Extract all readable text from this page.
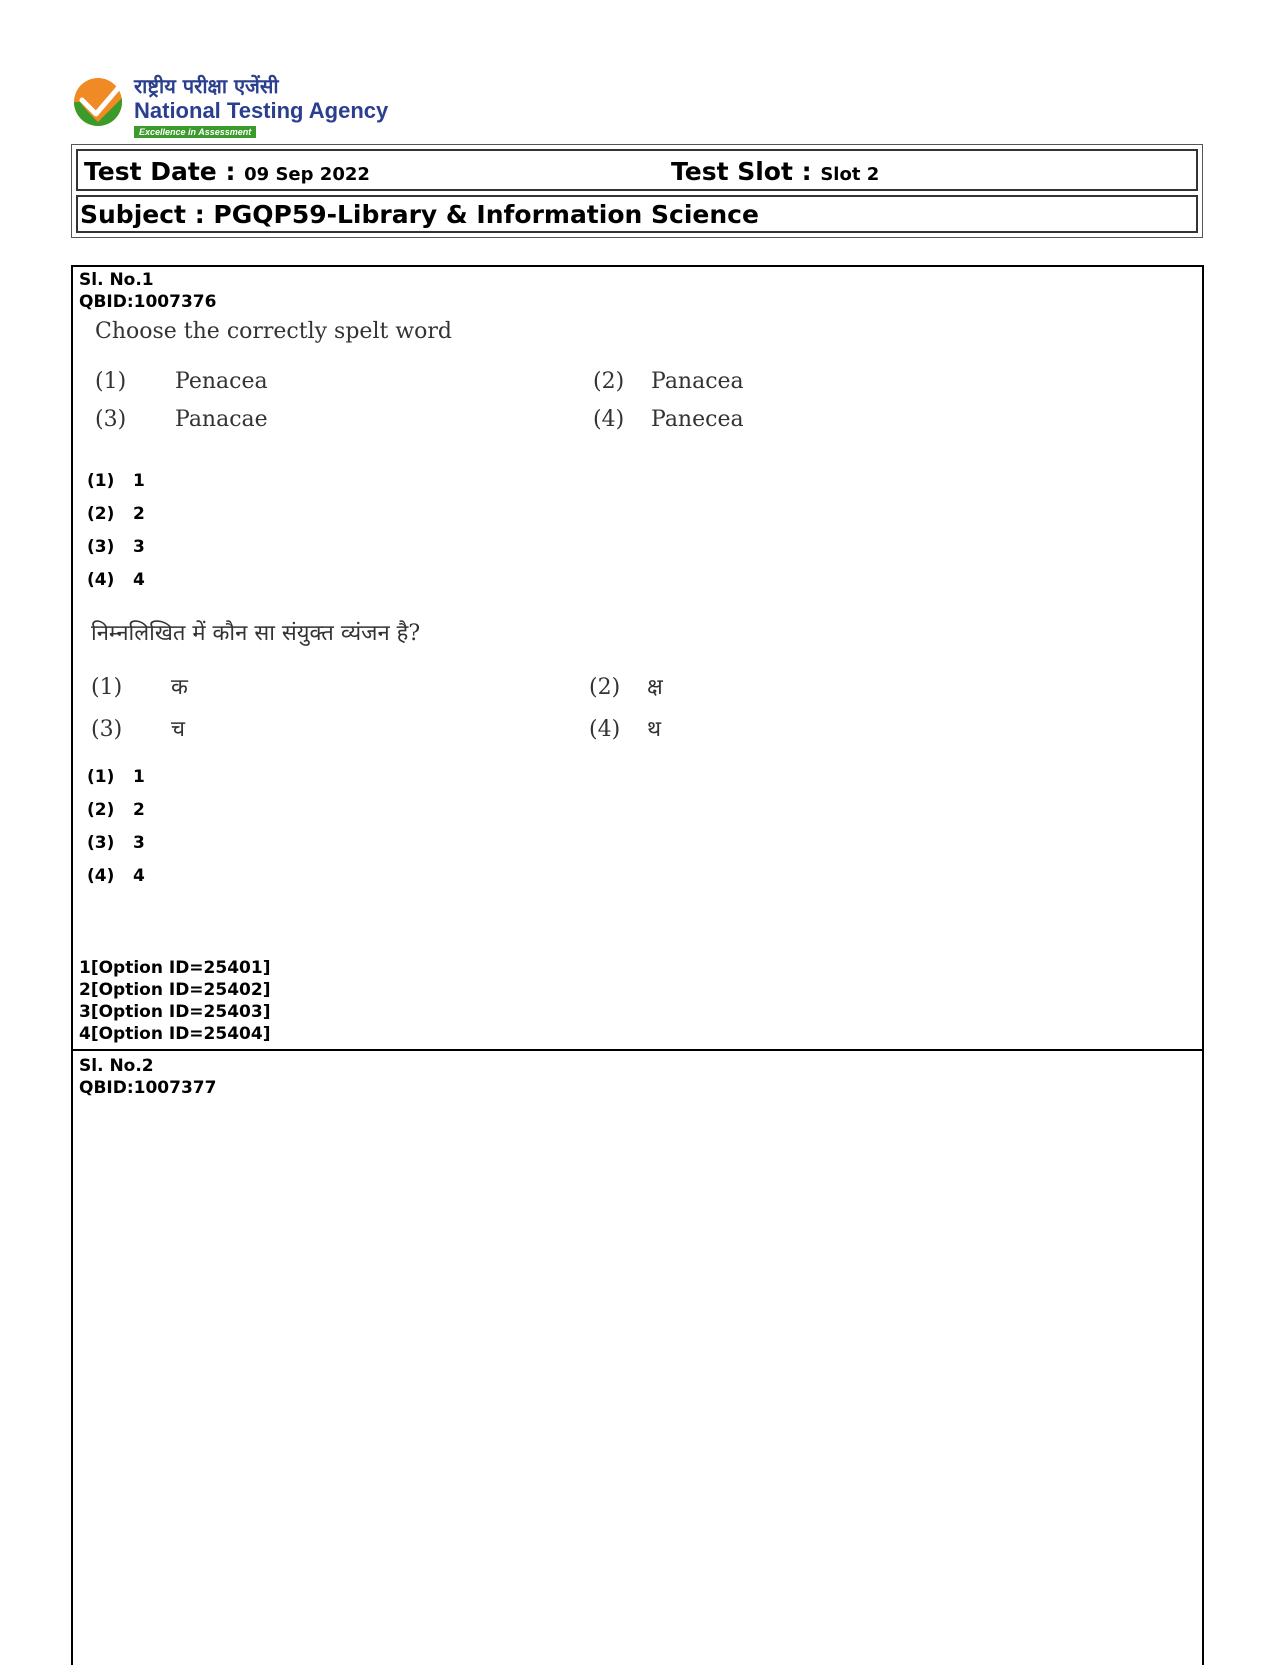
राष्ट्रीय परीक्षा एजेंसी
National Testing Agency
Excellence in Assessment
Test Date : 09 Sep 2022	Test Slot : Slot 2
Subject : PGQP59-Library & Information Science
Sl. No.1
QBID:1007376
Choose the correctly spelt word
(1) Penacea	(2) Panacea
(3) Panacae	(4) Panecea
(1) 1
(2) 2
(3) 3
(4) 4
निम्नलिखित में कौन सा संयुक्त व्यंजन है?
(1) क	(2) क्ष
(3) च	(4) थ
(1) 1
(2) 2
(3) 3
(4) 4
1[Option ID=25401]
2[Option ID=25402]
3[Option ID=25403]
4[Option ID=25404]
Sl. No.2
QBID:1007377
